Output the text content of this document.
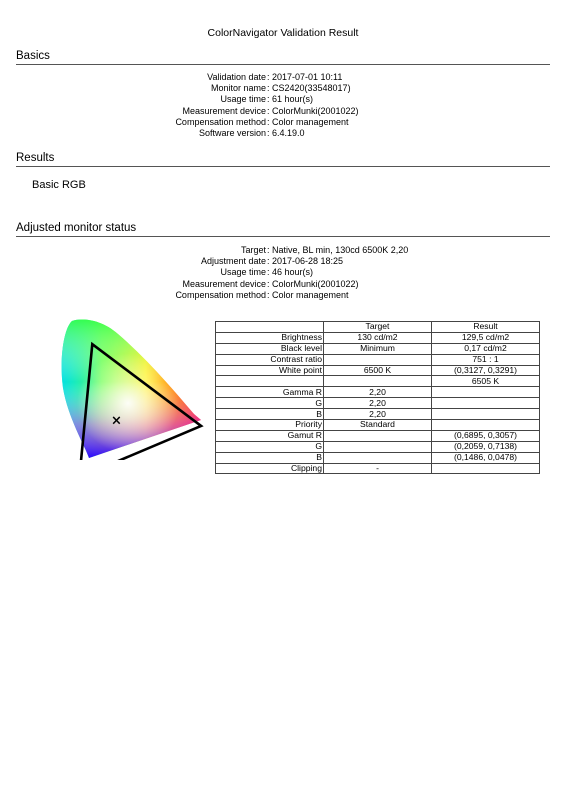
ColorNavigator Validation Result
Basics
Validation date : 2017-07-01 10:11
Monitor name : CS2420(33548017)
Usage time : 61 hour(s)
Measurement device : ColorMunki(2001022)
Compensation method : Color management
Software version : 6.4.19.0
Results
Basic RGB
Adjusted monitor status
Target : Native, BL min, 130cd 6500K 2,20
Adjustment date : 2017-06-28 18:25
Usage time : 46 hour(s)
Measurement device : ColorMunki(2001022)
Compensation method : Color management
×
	Target	Result
Brightness	130 cd/m2	129,5 cd/m2
Black level	Minimum	0,17 cd/m2
Contrast ratio		751 : 1
White point	6500 K	(0,3127, 0,3291)
		6505 K
Gamma R	2,20	
G	2,20	
B	2,20	
Priority	Standard	
Gamut R		(0,6895, 0,3057)
G		(0,2059, 0,7138)
B		(0,1486, 0,0478)
Clipping	-	
